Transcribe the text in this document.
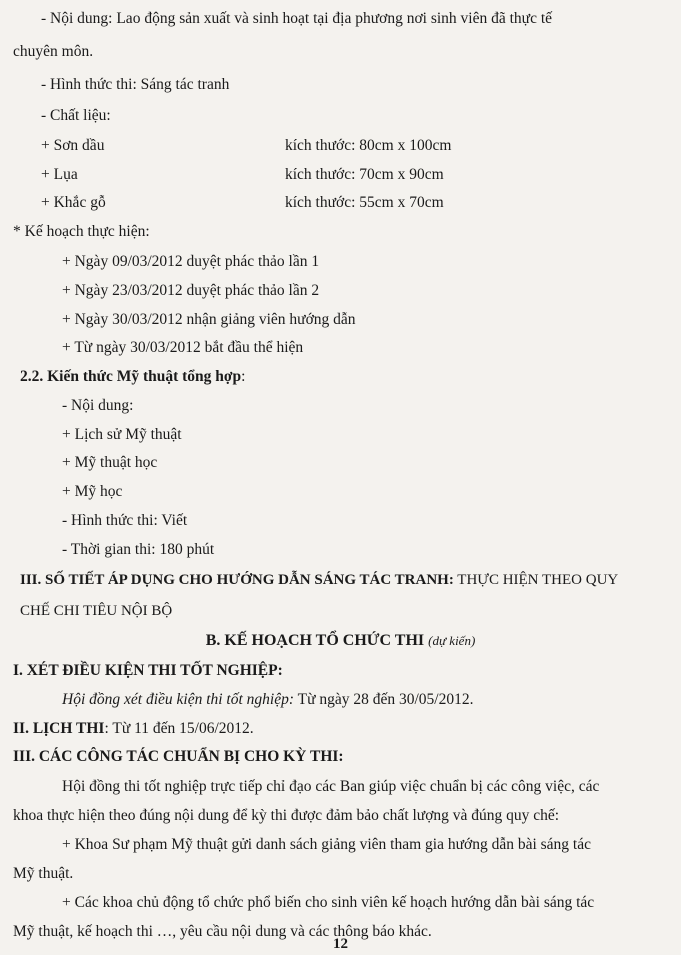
- Nội dung: Lao động sản xuất và sinh hoạt tại địa phương nơi sinh viên đã thực tế
chuyên môn.
- Hình thức thi: Sáng tác tranh
- Chất liệu:
+ Sơn dầu	kích thước: 80cm x 100cm
+ Lụa	kích thước: 70cm x 90cm
+ Khắc gỗ	kích thước: 55cm x 70cm
* Kế hoạch thực hiện:
+ Ngày 09/03/2012 duyệt phác thảo lần 1
+ Ngày 23/03/2012 duyệt phác thảo lần 2
+ Ngày 30/03/2012 nhận giảng viên hướng dẫn
+ Từ ngày 30/03/2012 bắt đầu thể hiện
2.2. Kiến thức Mỹ thuật tổng hợp:
- Nội dung:
+ Lịch sử Mỹ thuật
+ Mỹ thuật học
+ Mỹ học
- Hình thức thi: Viết
- Thời gian thi: 180 phút
III. SỐ TIẾT ÁP DỤNG CHO HƯỚNG DẪN SÁNG TÁC TRANH: THỰC HIỆN THEO QUY
CHẾ CHI TIÊU NỘI BỘ
B. KẾ HOẠCH TỔ CHỨC THI (dự kiến)
I. XÉT ĐIỀU KIỆN THI TỐT NGHIỆP:
Hội đồng xét điều kiện thi tốt nghiệp: Từ ngày 28 đến 30/05/2012.
II. LỊCH THI: Từ 11 đến 15/06/2012.
III. CÁC CÔNG TÁC CHUẨN BỊ CHO KỲ THI:
Hội đồng thi tốt nghiệp trực tiếp chỉ đạo các Ban giúp việc chuẩn bị các công việc, các
khoa thực hiện theo đúng nội dung để kỳ thi được đảm bảo chất lượng và đúng quy chế:
+ Khoa Sư phạm Mỹ thuật gửi danh sách giảng viên tham gia hướng dẫn bài sáng tác
Mỹ thuật.
+ Các khoa chủ động tổ chức phổ biến cho sinh viên kế hoạch hướng dẫn bài sáng tác
Mỹ thuật, kế hoạch thi …, yêu cầu nội dung và các thông báo khác.
12
